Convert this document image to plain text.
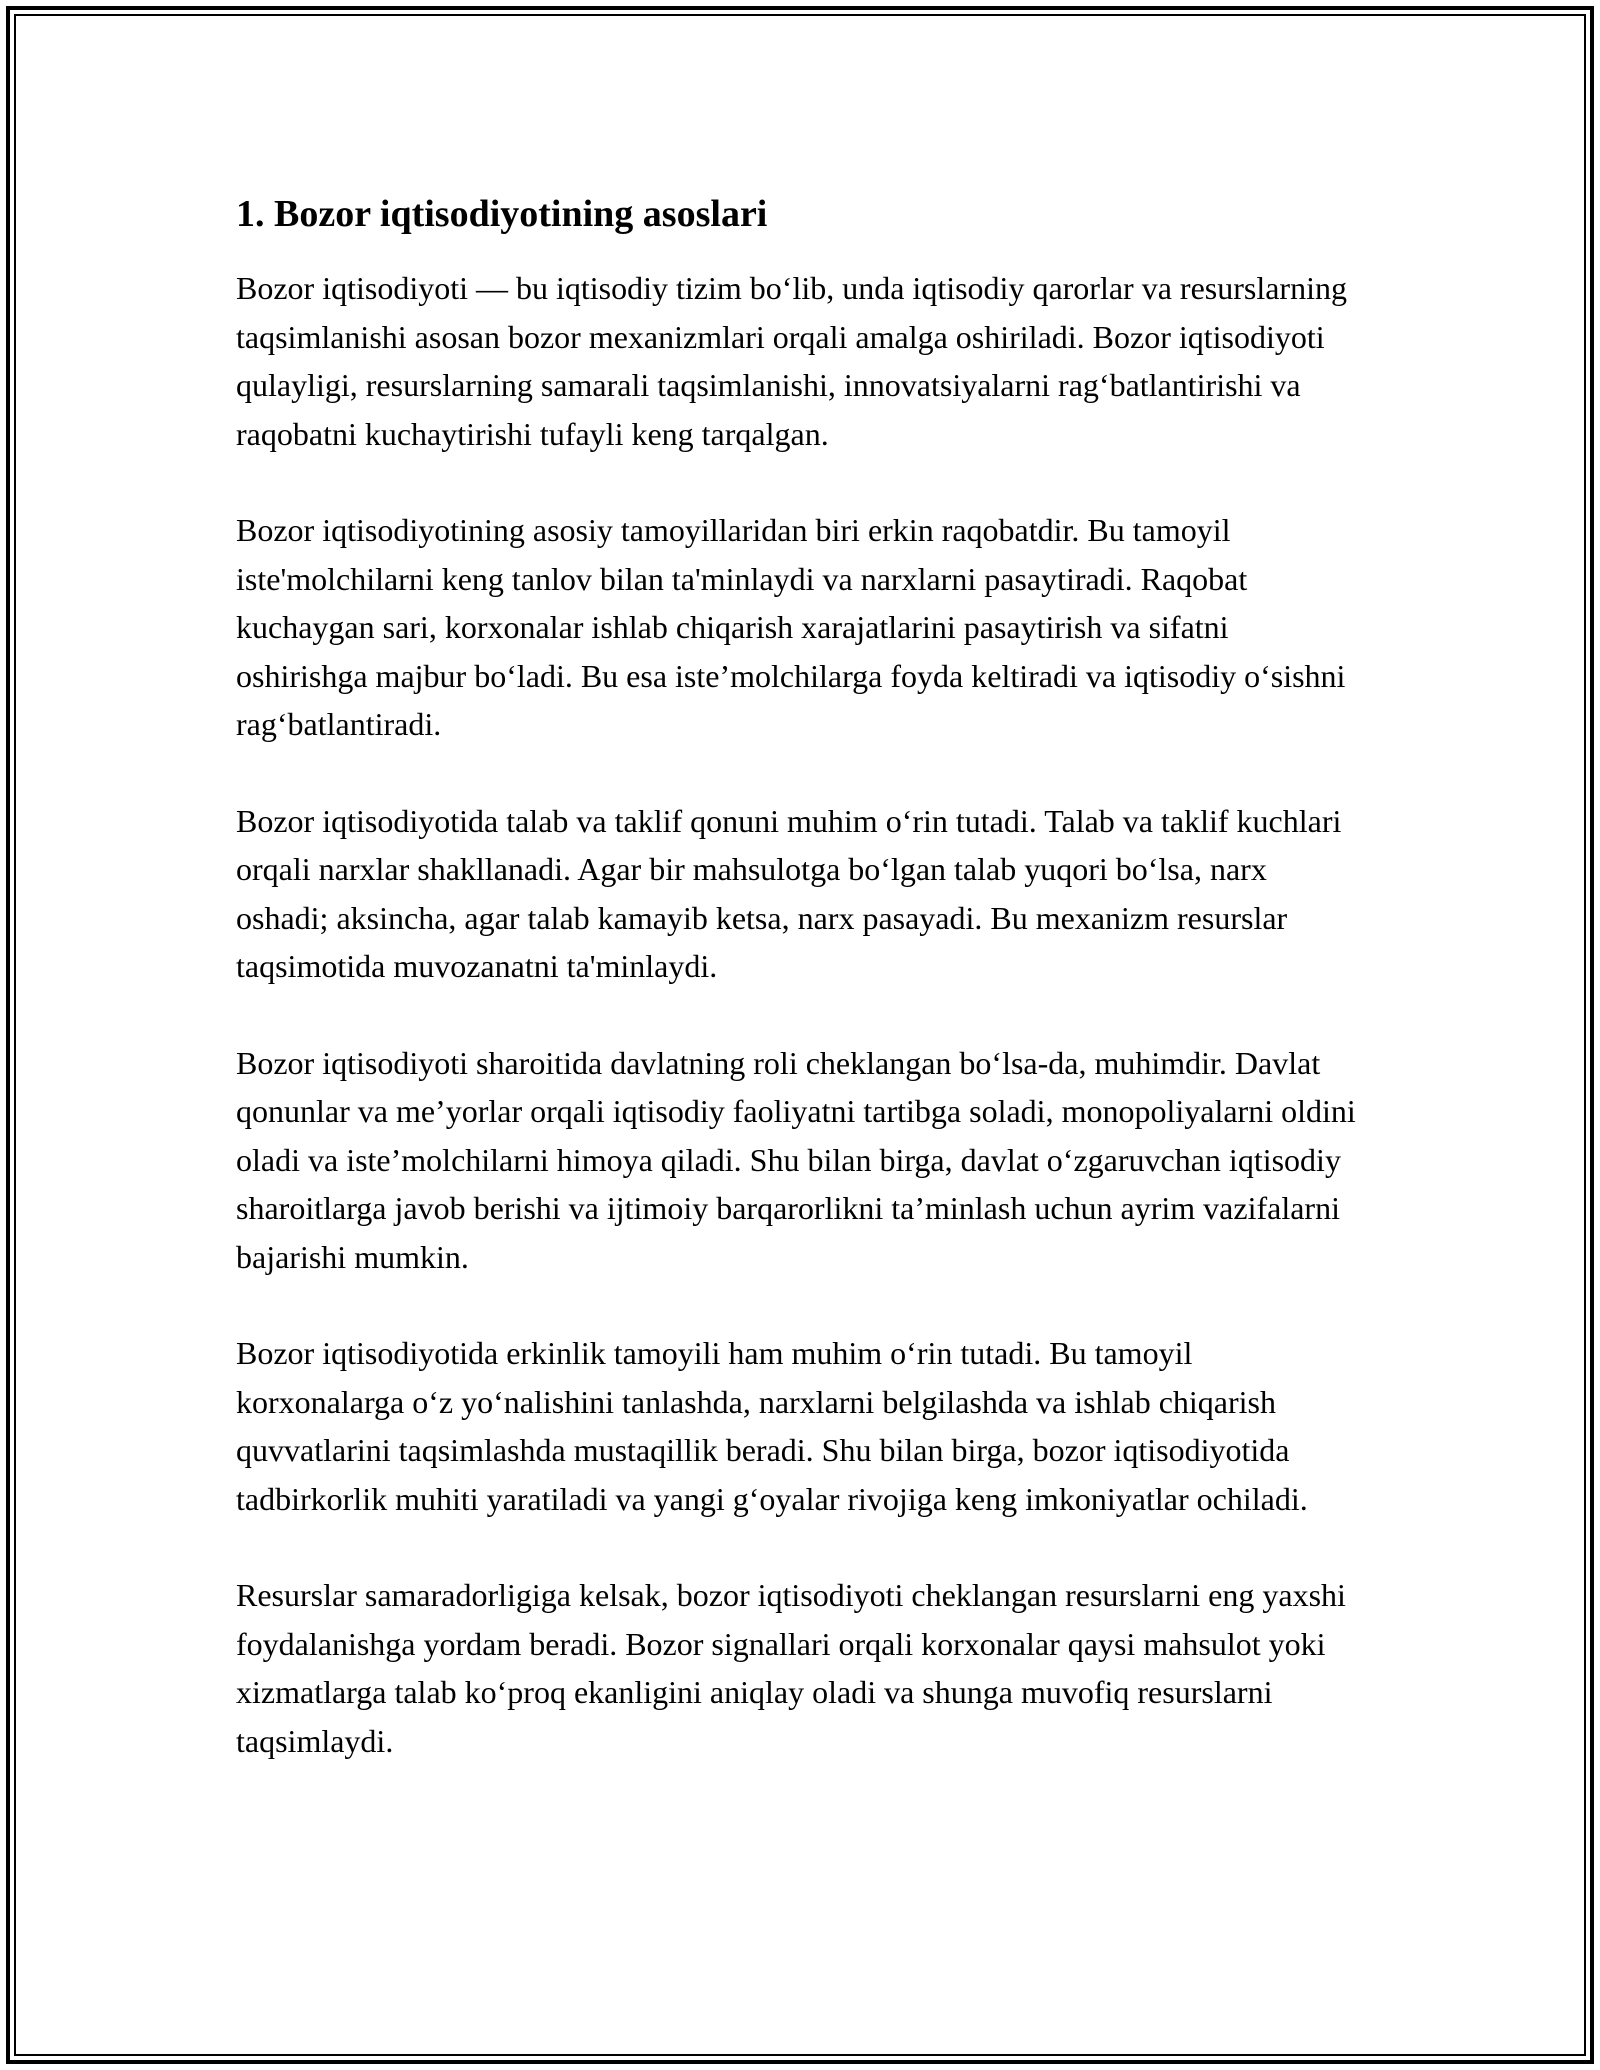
1. Bozor iqtisodiyotining asoslari

Bozor iqtisodiyoti — bu iqtisodiy tizim bo‘lib, unda iqtisodiy qarorlar va resurslarning taqsimlanishi asosan bozor mexanizmlari orqali amalga oshiriladi. Bozor iqtisodiyoti qulayligi, resurslarning samarali taqsimlanishi, innovatsiyalarni rag‘batlantirishi va raqobatni kuchaytirishi tufayli keng tarqalgan.

Bozor iqtisodiyotining asosiy tamoyillaridan biri erkin raqobatdir. Bu tamoyil iste'molchilarni keng tanlov bilan ta'minlaydi va narxlarni pasaytiradi. Raqobat kuchaygan sari, korxonalar ishlab chiqarish xarajatlarini pasaytirish va sifatni oshirishga majbur bo‘ladi. Bu esa iste’molchilarga foyda keltiradi va iqtisodiy o‘sishni rag‘batlantiradi.

Bozor iqtisodiyotida talab va taklif qonuni muhim o‘rin tutadi. Talab va taklif kuchlari orqali narxlar shakllanadi. Agar bir mahsulotga bo‘lgan talab yuqori bo‘lsa, narx oshadi; aksincha, agar talab kamayib ketsa, narx pasayadi. Bu mexanizm resurslar taqsimotida muvozanatni ta'minlaydi.

Bozor iqtisodiyoti sharoitida davlatning roli cheklangan bo‘lsa-da, muhimdir. Davlat qonunlar va me’yorlar orqali iqtisodiy faoliyatni tartibga soladi, monopoliyalarni oldini oladi va iste’molchilarni himoya qiladi. Shu bilan birga, davlat o‘zgaruvchan iqtisodiy sharoitlarga javob berishi va ijtimoiy barqarorlikni ta’minlash uchun ayrim vazifalarni bajarishi mumkin.

Bozor iqtisodiyotida erkinlik tamoyili ham muhim o‘rin tutadi. Bu tamoyil korxonalarga o‘z yo‘nalishini tanlashda, narxlarni belgilashda va ishlab chiqarish quvvatlarini taqsimlashda mustaqillik beradi. Shu bilan birga, bozor iqtisodiyotida tadbirkorlik muhiti yaratiladi va yangi g‘oyalar rivojiga keng imkoniyatlar ochiladi.

Resurslar samaradorligiga kelsak, bozor iqtisodiyoti cheklangan resurslarni eng yaxshi foydalanishga yordam beradi. Bozor signallari orqali korxonalar qaysi mahsulot yoki xizmatlarga talab ko‘proq ekanligini aniqlay oladi va shunga muvofiq resurslarni taqsimlaydi.
